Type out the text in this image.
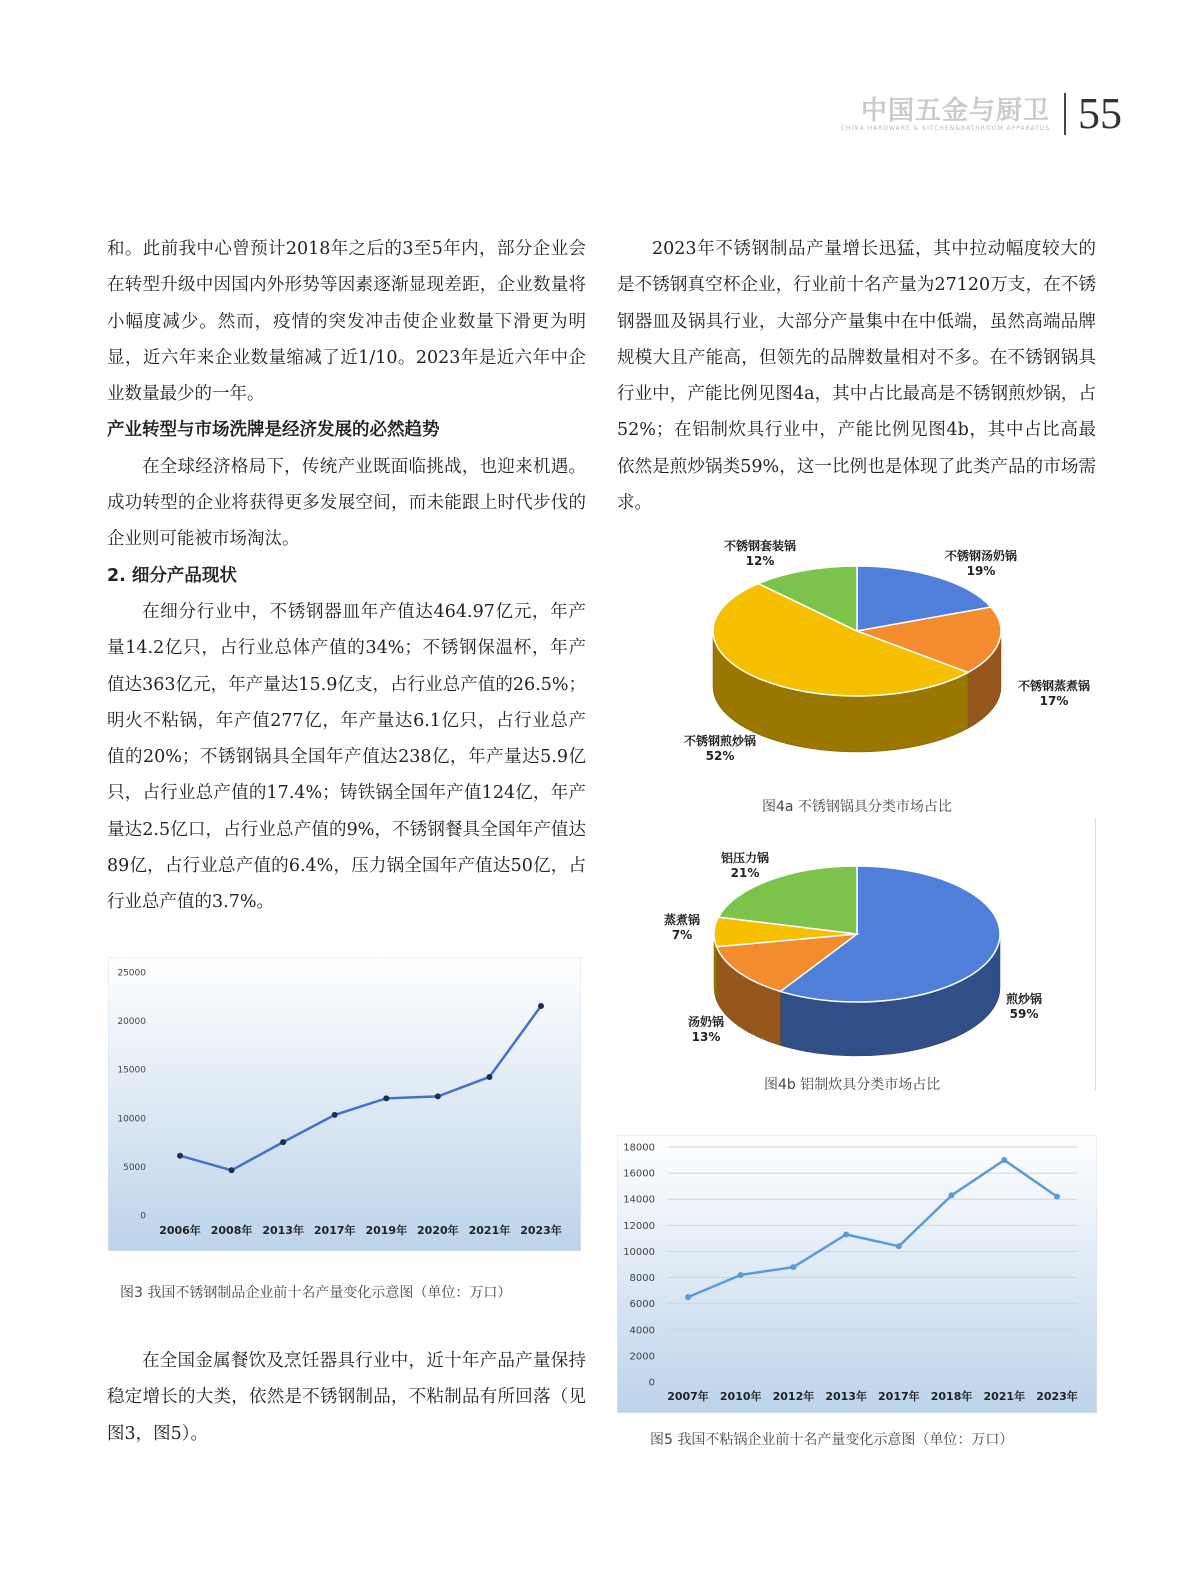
中国五金与厨卫
CHINA HARDWARE & KITCHEN&BATHROOM APPARATUS 55

和。此前我中心曾预计2018年之后的3至5年内，部分企业会在转型升级中因国内外形势等因素逐渐显现差距，企业数量将小幅度减少。然而，疫情的突发冲击使企业数量下滑更为明显，近六年来企业数量缩减了近1/10。2023年是近六年中企业数量最少的一年。

产业转型与市场洗牌是经济发展的必然趋势

在全球经济格局下，传统产业既面临挑战，也迎来机遇。成功转型的企业将获得更多发展空间，而未能跟上时代步伐的企业则可能被市场淘汰。

2. 细分产品现状

在细分行业中，不锈钢器皿年产值达464.97亿元，年产量14.2亿只，占行业总体产值的34%；不锈钢保温杯，年产值达363亿元，年产量达15.9亿支，占行业总产值的26.5%；明火不粘锅，年产值277亿，年产量达6.1亿只，占行业总产值的20%；不锈钢锅具全国年产值达238亿，年产量达5.9亿只，占行业总产值的17.4%；铸铁锅全国年产值124亿，年产量达2.5亿口，占行业总产值的9%，不锈钢餐具全国年产值达89亿，占行业总产值的6.4%，压力锅全国年产值达50亿，占行业总产值的3.7%。

0
5000
10000
15000
20000
25000
2006年 2008年 2013年 2017年 2019年 2020年 2021年 2023年
图3 我国不锈钢制品企业前十名产量变化示意图（单位：万口）

在全国金属餐饮及烹饪器具行业中，近十年产品产量保持稳定增长的大类，依然是不锈钢制品，不粘制品有所回落（见图3，图5）。

2023年不锈钢制品产量增长迅猛，其中拉动幅度较大的是不锈钢真空杯企业，行业前十名产量为27120万支，在不锈钢器皿及锅具行业，大部分产量集中在中低端，虽然高端品牌规模大且产能高，但领先的品牌数量相对不多。在不锈钢锅具行业中，产能比例见图4a，其中占比最高是不锈钢煎炒锅，占52%；在铝制炊具行业中，产能比例见图4b，其中占比高最依然是煎炒锅类59%，这一比例也是体现了此类产品的市场需求。

不锈钢汤奶锅
19%
不锈钢蒸煮锅
17%
不锈钢煎炒锅
52%
不锈钢套装锅
12%
图4a 不锈钢锅具分类市场占比
煎炒锅
59%
汤奶锅
13%
蒸煮锅
7%
铝压力锅
21%
图4b 铝制炊具分类市场占比
0
2000
4000
6000
8000
10000
12000
14000
16000
18000
2007年 2010年 2012年 2013年 2017年 2018年 2021年 2023年
图5 我国不粘锅企业前十名产量变化示意图（单位：万口）
